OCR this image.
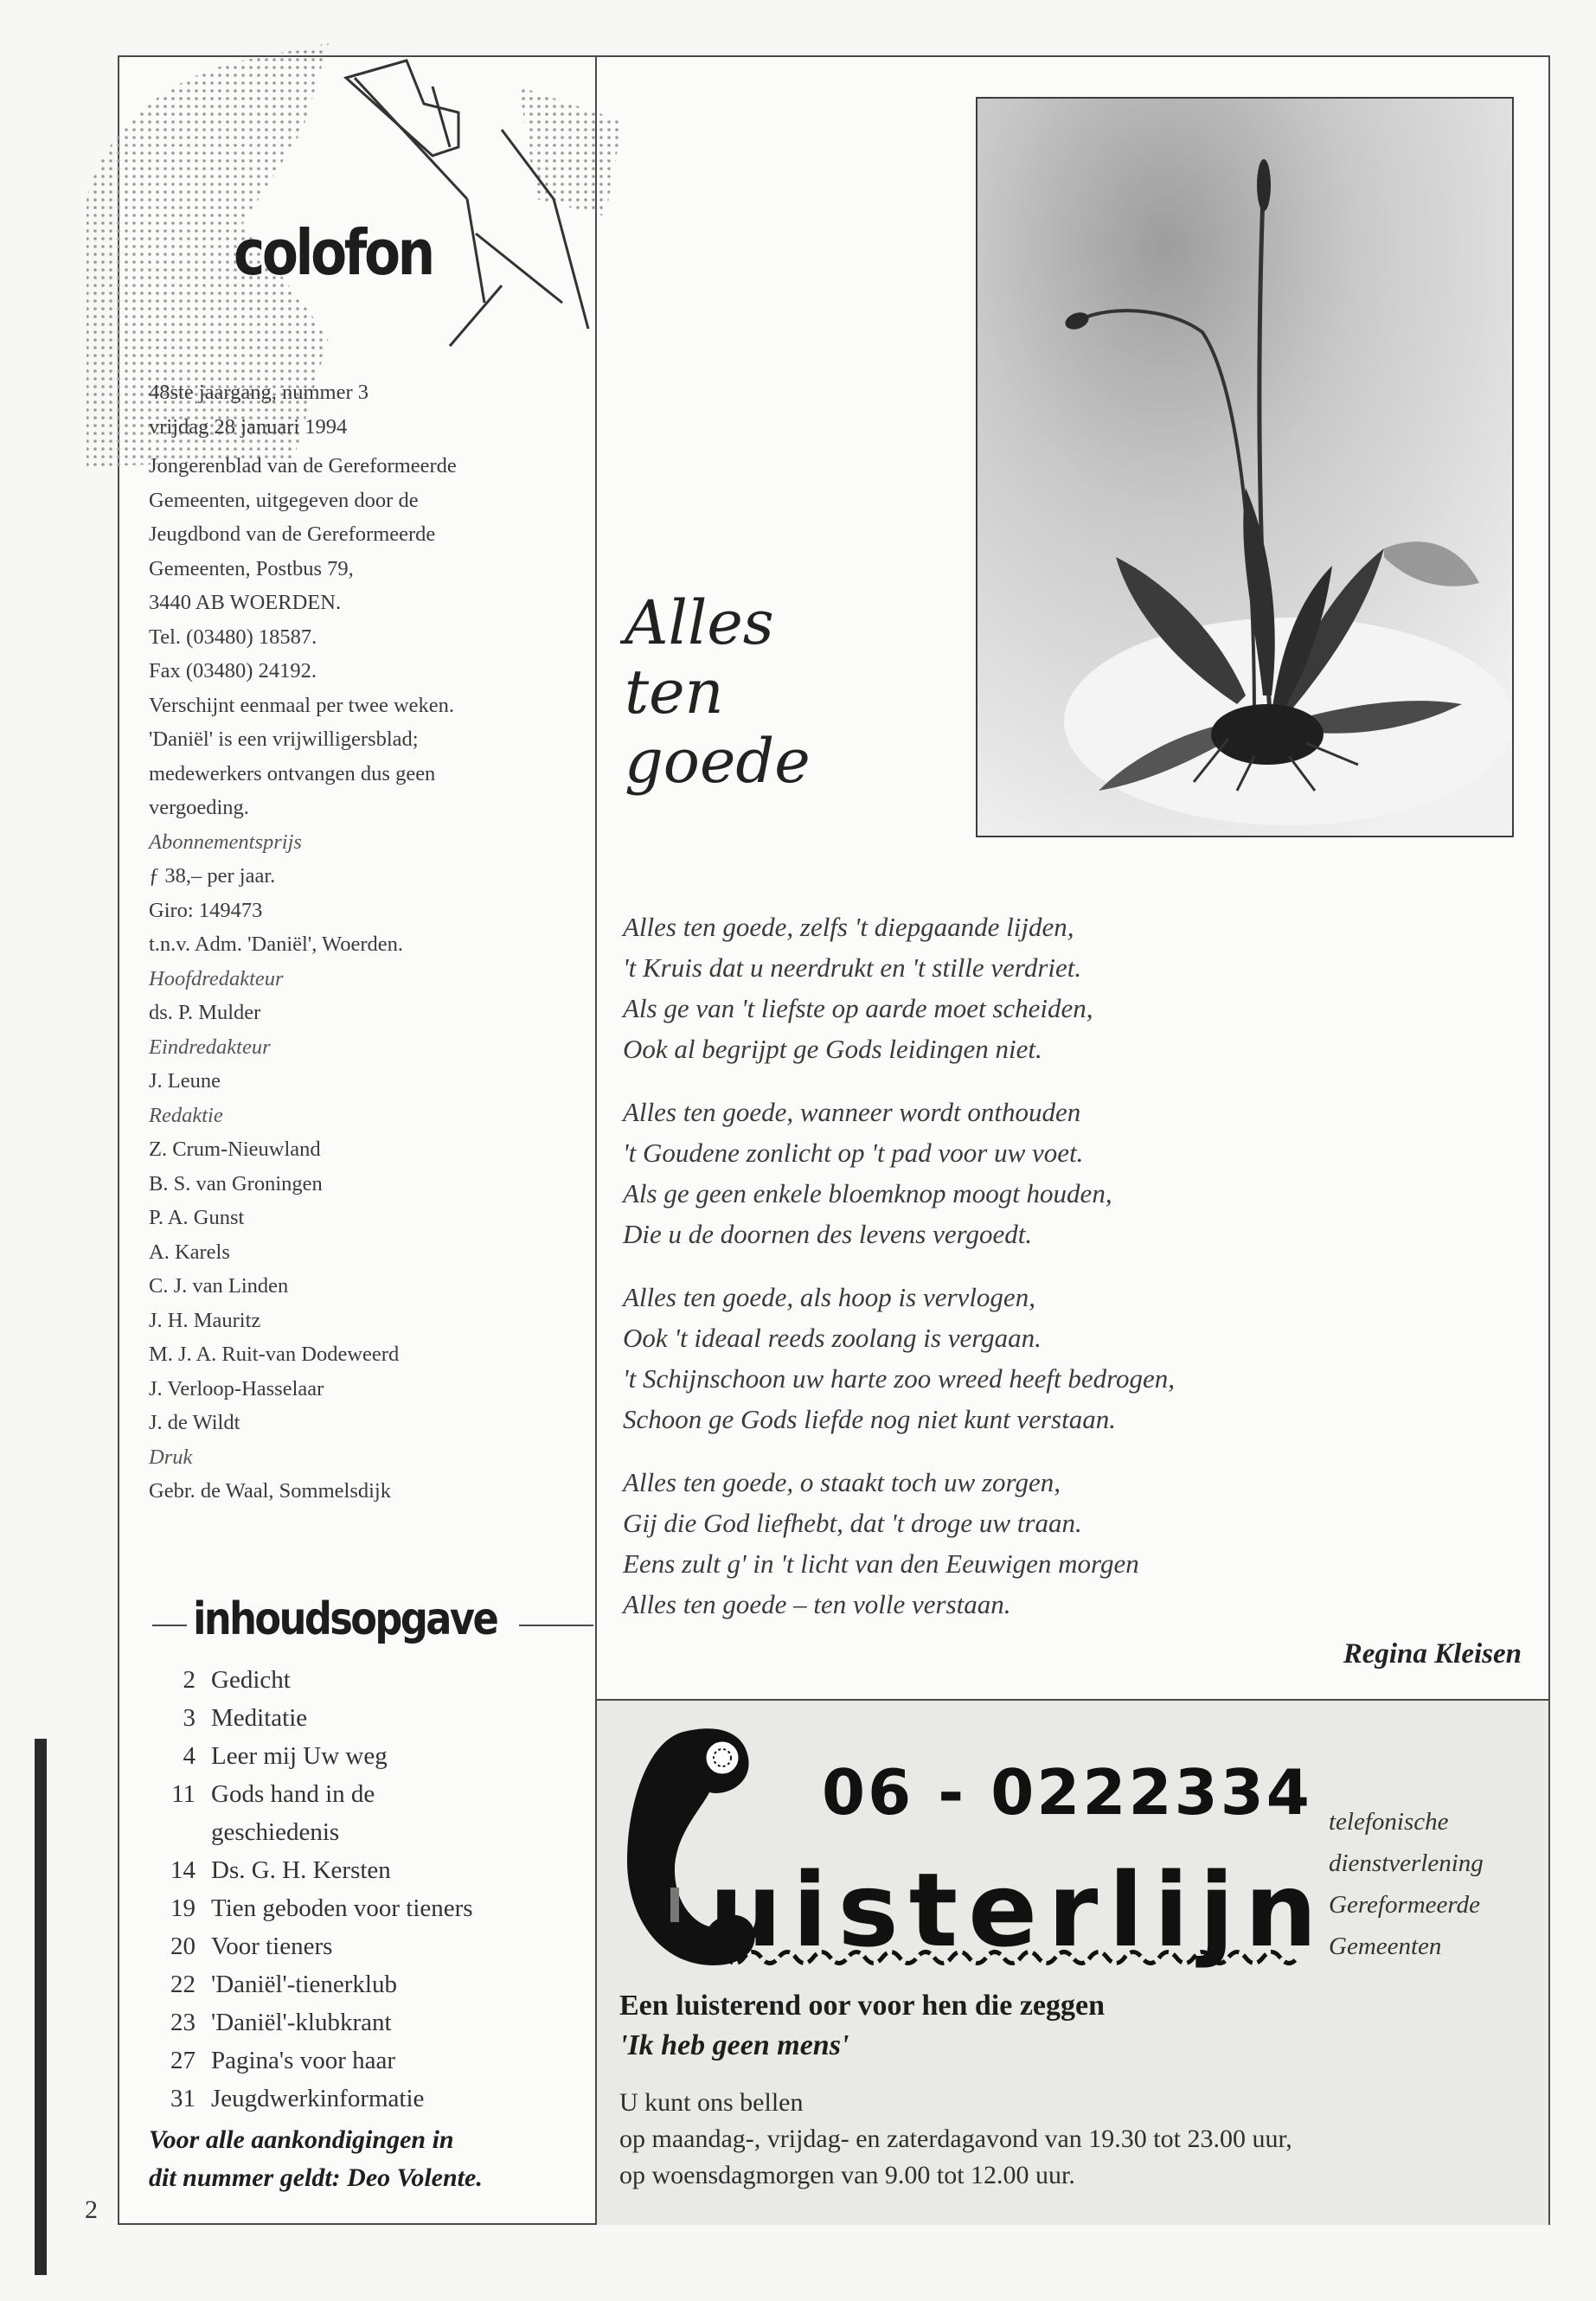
colofon
48ste jaargang, nummer 3
vrijdag 28 januari 1994
Jongerenblad van de Gereformeerde
Gemeenten, uitgegeven door de
Jeugdbond van de Gereformeerde
Gemeenten, Postbus 79,
3440 AB WOERDEN.
Tel. (03480) 18587.
Fax (03480) 24192.
Verschijnt eenmaal per twee weken.
'Daniël' is een vrijwilligersblad;
medewerkers ontvangen dus geen
vergoeding.
Abonnementsprijs
ƒ 38,– per jaar.
Giro: 149473
t.n.v. Adm. 'Daniël', Woerden.
Hoofdredakteur
ds. P. Mulder
Eindredakteur
J. Leune
Redaktie
Z. Crum-Nieuwland
B. S. van Groningen
P. A. Gunst
A. Karels
C. J. van Linden
J. H. Mauritz
M. J. A. Ruit-van Dodeweerd
J. Verloop-Hasselaar
J. de Wildt
Druk
Gebr. de Waal, Sommelsdijk
inhoudsopgave
2 Gedicht
3 Meditatie
4 Leer mij Uw weg
11 Gods hand in de geschiedenis
14 Ds. G. H. Kersten
19 Tien geboden voor tieners
20 Voor tieners
22 'Daniël'-tienerklub
23 'Daniël'-klubkrant
27 Pagina's voor haar
31 Jeugdwerkinformatie
Voor alle aankondigingen in
dit nummer geldt: Deo Volente.
2
Alles
ten
goede
Alles ten goede, zelfs 't diepgaande lijden,
't Kruis dat u neerdrukt en 't stille verdriet.
Als ge van 't liefste op aarde moet scheiden,
Ook al begrijpt ge Gods leidingen niet.
Alles ten goede, wanneer wordt onthouden
't Goudene zonlicht op 't pad voor uw voet.
Als ge geen enkele bloemknop moogt houden,
Die u de doornen des levens vergoedt.
Alles ten goede, als hoop is vervlogen,
Ook 't ideaal reeds zoolang is vergaan.
't Schijnschoon uw harte zoo wreed heeft bedrogen,
Schoon ge Gods liefde nog niet kunt verstaan.
Alles ten goede, o staakt toch uw zorgen,
Gij die God liefhebt, dat 't droge uw traan.
Eens zult g' in 't licht van den Eeuwigen morgen
Alles ten goede – ten volle verstaan.
Regina Kleisen
06 - 0222334
uisterlijn
telefonische
dienstverlening
Gereformeerde
Gemeenten
Een luisterend oor voor hen die zeggen
'Ik heb geen mens'
U kunt ons bellen
op maandag-, vrijdag- en zaterdagavond van 19.30 tot 23.00 uur,
op woensdagmorgen van 9.00 tot 12.00 uur.
